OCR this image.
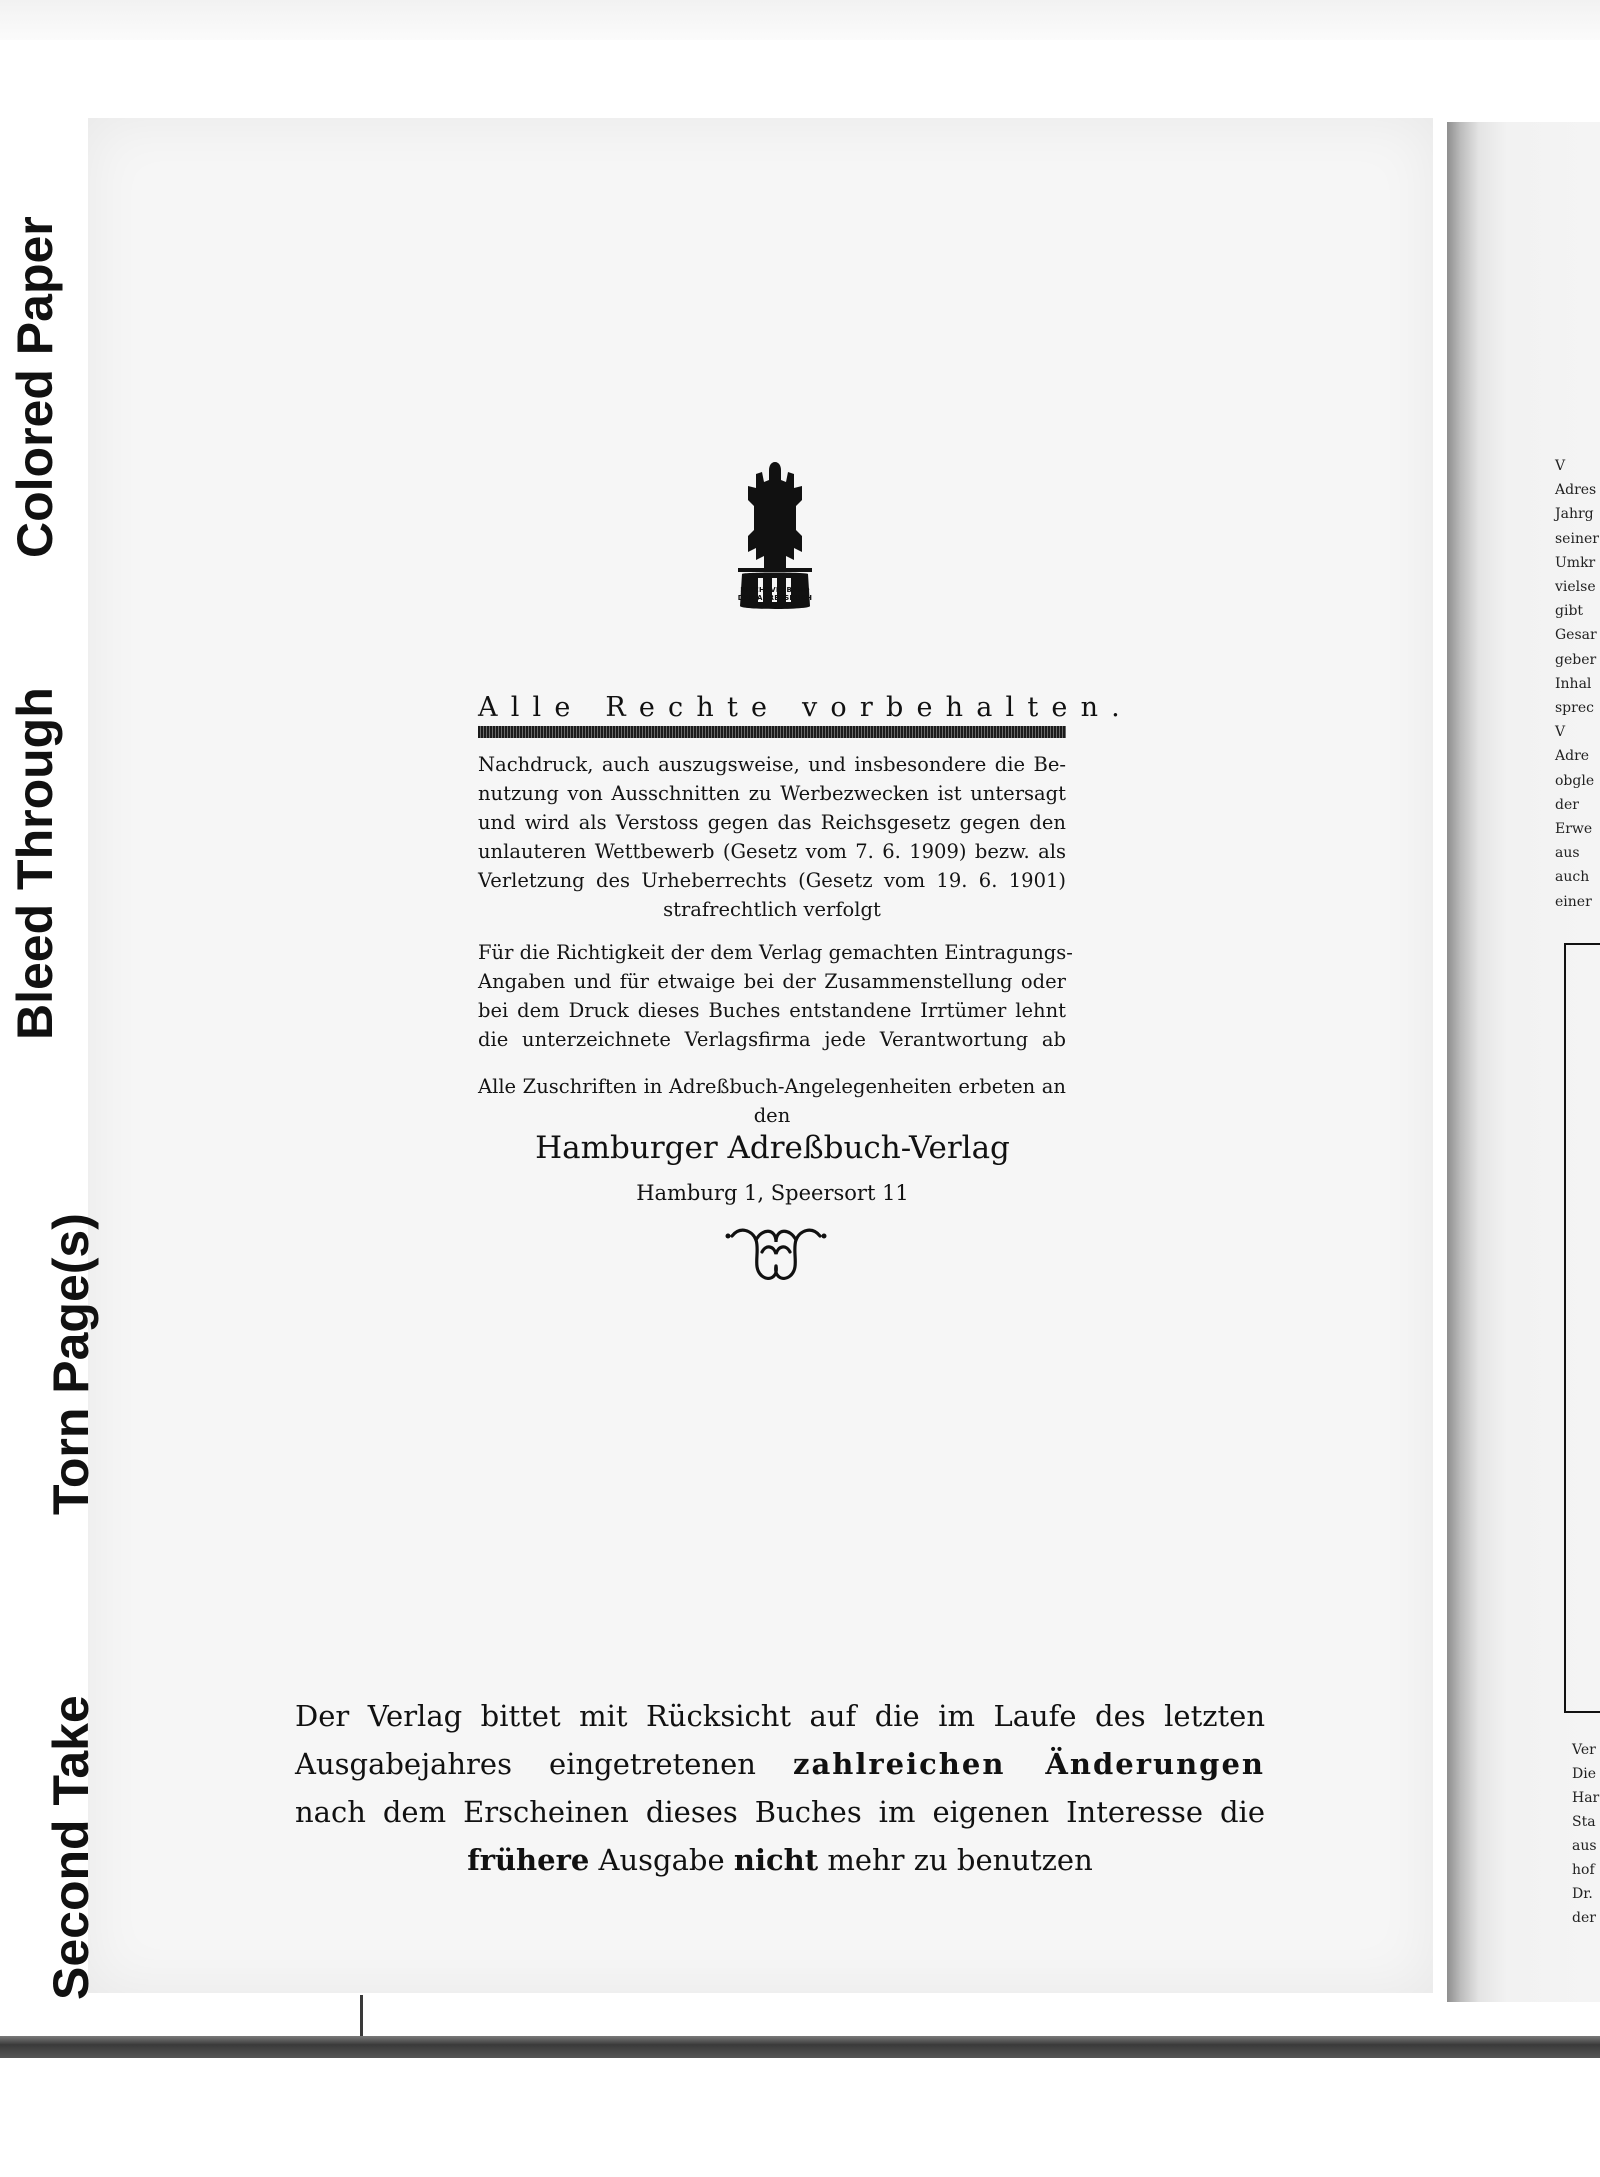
V
Adres
Jahrg
seiner
Umkr
vielse
gibt
Gesar
geber
Inhal
sprec
V
Adre
obgle
der
Erwe
aus
auch
einer
Ver
Die
Har
Sta
aus
hof
Dr.
der
Second Take
Torn Page(s)
Bleed Through
Colored Paper
REICHSVERBAND
DER ADRESSBUCH
VERLEGER
Alle Rechte vorbehalten.
Nachdruck, auch auszugsweise, und insbesondere die Be-
nutzung von Ausschnitten zu Werbezwecken ist untersagt
und wird als Verstoss gegen das Reichsgesetz gegen den
unlauteren Wettbewerb (Gesetz vom 7. 6. 1909) bezw. als
Verletzung des Urheberrechts (Gesetz vom 19. 6. 1901)
strafrechtlich verfolgt
Für die Richtigkeit der dem Verlag gemachten Eintragungs-
Angaben und für etwaige bei der Zusammenstellung oder
bei dem Druck dieses Buches entstandene Irrtümer lehnt
die unterzeichnete Verlagsfirma jede Verantwortung ab
Alle Zuschriften in Adreßbuch-Angelegenheiten erbeten an
den
Hamburger Adreßbuch-Verlag
Hamburg 1, Speersort 11
Der Verlag bittet mit Rücksicht auf die im Laufe des letzten
Ausgabejahres eingetretenen zahlreichen Änderungen
nach dem Erscheinen dieses Buches im eigenen Interesse die
frühere Ausgabe nicht mehr zu benutzen
